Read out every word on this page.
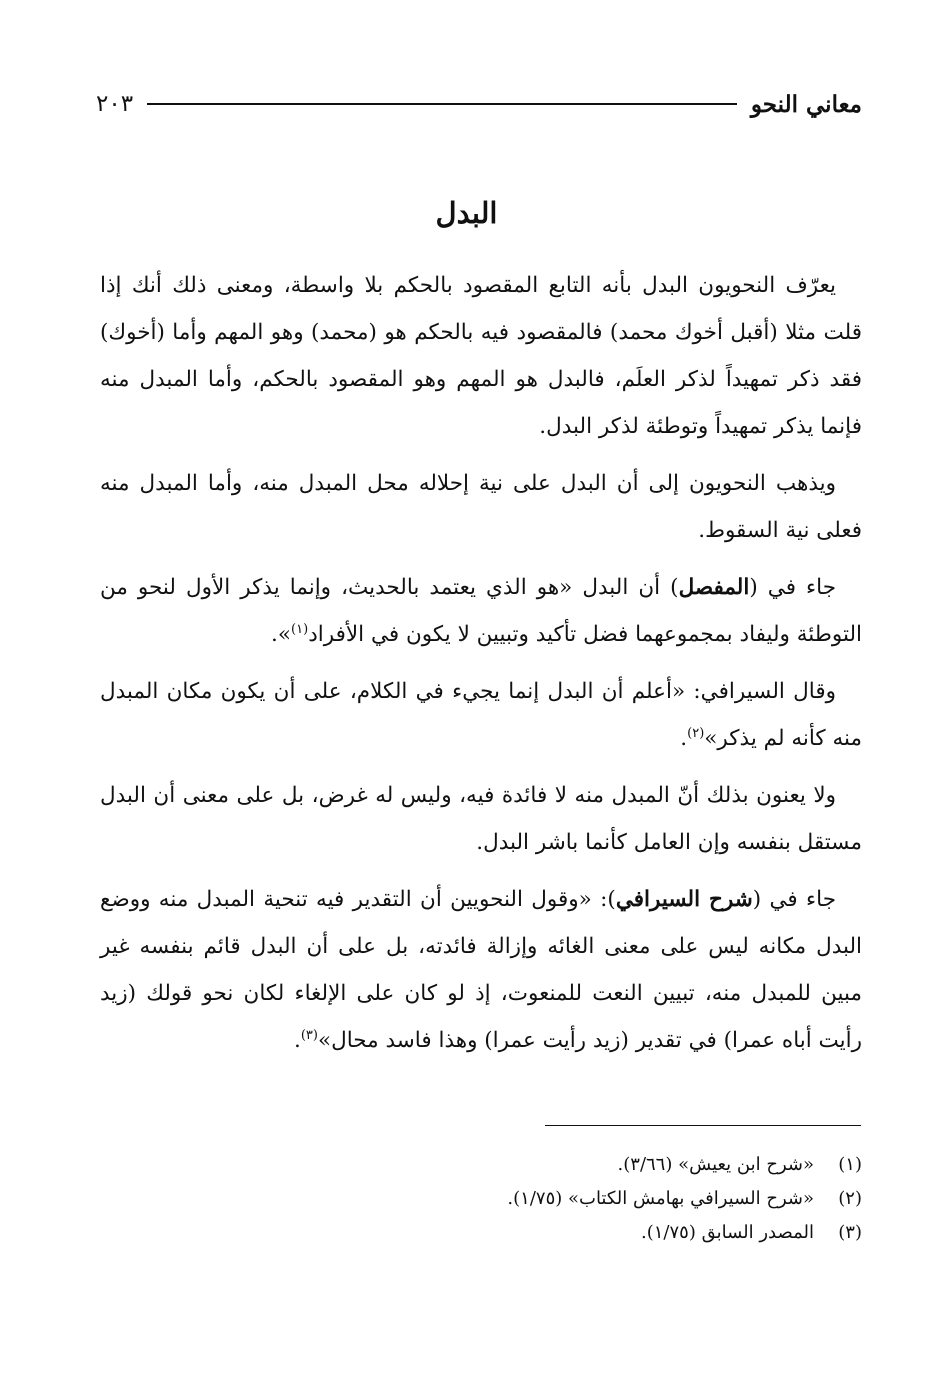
معاني النحو
٢٠٣
البدل

يعرّف النحويون البدل بأنه التابع المقصود بالحكم بلا واسطة، ومعنى ذلك أنك إذا قلت مثلا (أقبل أخوك محمد) فالمقصود فيه بالحكم هو (محمد) وهو المهم وأما (أخوك) فقد ذكر تمهيداً لذكر العلَم، فالبدل هو المهم وهو المقصود بالحكم، وأما المبدل منه فإنما يذكر تمهيداً وتوطئة لذكر البدل.

ويذهب النحويون إلى أن البدل على نية إحلاله محل المبدل منه، وأما المبدل منه فعلى نية السقوط.

جاء في (المفصل) أن البدل «هو الذي يعتمد بالحديث، وإنما يذكر الأول لنحو من التوطئة وليفاد بمجموعهما فضل تأكيد وتبيين لا يكون في الأفراد$^{(١)}$».

وقال السيرافي: «أعلم أن البدل إنما يجيء في الكلام، على أن يكون مكان المبدل منه كأنه لم يذكر»$^{(٢)}$.

ولا يعنون بذلك أنّ المبدل منه لا فائدة فيه، وليس له غرض، بل على معنى أن البدل مستقل بنفسه وإن العامل كأنما باشر البدل.

جاء في (شرح السيرافي): «وقول النحويين أن التقدير فيه تنحية المبدل منه ووضع البدل مكانه ليس على معنى الغائه وإزالة فائدته، بل على أن البدل قائم بنفسه غير مبين للمبدل منه، تبيين النعت للمنعوت، إذ لو كان على الإلغاء لكان نحو قولك (زيد رأيت أباه عمرا) في تقدير (زيد رأيت عمرا) وهذا فاسد محال»$^{(٣)}$.

(١)
«شرح ابن يعيش» (٣/٦٦).
(٢)
«شرح السيرافي بهامش الكتاب» (١/٧٥).
(٣)
المصدر السابق (١/٧٥).
